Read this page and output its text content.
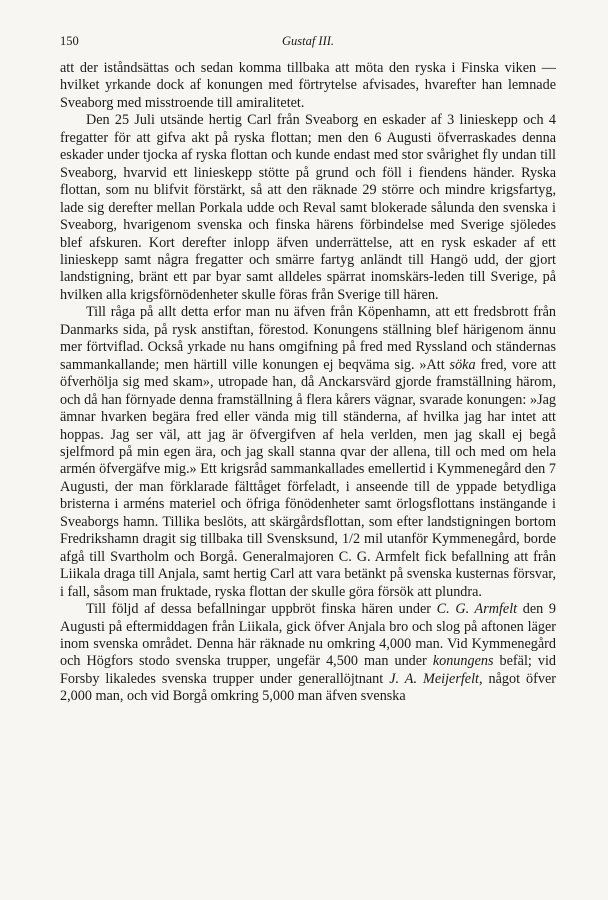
150	Gustaf III.

att der iståndsättas och sedan komma tillbaka att möta den ryska i Finska viken — hvilket yrkande dock af konungen med förtrytelse afvisades, hvarefter han lemnade Sveaborg med misstroende till amiralitetet.

Den 25 Juli utsände hertig Carl från Sveaborg en eskader af 3 linieskepp och 4 fregatter för att gifva akt på ryska flottan; men den 6 Augusti öfverraskades denna eskader under tjocka af ryska flottan och kunde endast med stor svårighet fly undan till Sveaborg, hvarvid ett linieskepp stötte på grund och föll i fiendens händer. Ryska flottan, som nu blifvit förstärkt, så att den räknade 29 större och mindre krigsfartyg, lade sig derefter mellan Porkala udde och Reval samt blokerade sålunda den svenska i Sveaborg, hvarigenom svenska och finska härens förbindelse med Sverige sjöledes blef afskuren. Kort derefter inlopp äfven underrättelse, att en rysk eskader af ett linieskepp samt några fregatter och smärre fartyg anländt till Hangö udd, der gjort landstigning, bränt ett par byar samt alldeles spärrat inomskärs-leden till Sverige, på hvilken alla krigsförnödenheter skulle föras från Sverige till hären.

Till råga på allt detta erfor man nu äfven från Köpenhamn, att ett fredsbrott från Danmarks sida, på rysk anstiftan, förestod. Konungens ställning blef härigenom ännu mer förtviflad. Också yrkade nu hans omgifning på fred med Ryssland och ständernas sammankallande; men härtill ville konungen ej beqväma sig. »Att söka fred, vore att öfverhölja sig med skam», utropade han, då Anckarsvärd gjorde framställning härom, och då han förnyade denna framställning å flera kårers vägnar, svarade konungen: »Jag ämnar hvarken begära fred eller vända mig till ständerna, af hvilka jag har intet att hoppas. Jag ser väl, att jag är öfvergifven af hela verlden, men jag skall ej begå sjelfmord på min egen ära, och jag skall stanna qvar der allena, till och med om hela armén öfvergäfve mig.» Ett krigsråd sammankallades emellertid i Kymmenegård den 7 Augusti, der man förklarade fälttåget förfeladt, i anseende till de yppade betydliga bristerna i arméns materiel och öfriga fönödenheter samt örlogsflottans instängande i Sveaborgs hamn. Tillika beslöts, att skärgårdsflottan, som efter landstigningen bortom Fredrikshamn dragit sig tillbaka till Svensksund, 1/2 mil utanför Kymmenegård, borde afgå till Svartholm och Borgå. Generalmajoren C. G. Armfelt fick befallning att från Liikala draga till Anjala, samt hertig Carl att vara betänkt på svenska kusternas försvar, i fall, såsom man fruktade, ryska flottan der skulle göra försök att plundra.

Till följd af dessa befallningar uppbröt finska hären under C. G. Armfelt den 9 Augusti på eftermiddagen från Liikala, gick öfver Anjala bro och slog på aftonen läger inom svenska området. Denna här räknade nu omkring 4,000 man. Vid Kymmenegård och Högfors stodo svenska trupper, ungefär 4,500 man under konungens befäl; vid Forsby likaledes svenska trupper under generallöjtnant J. A. Meijerfelt, något öfver 2,000 man, och vid Borgå omkring 5,000 man äfven svenska
